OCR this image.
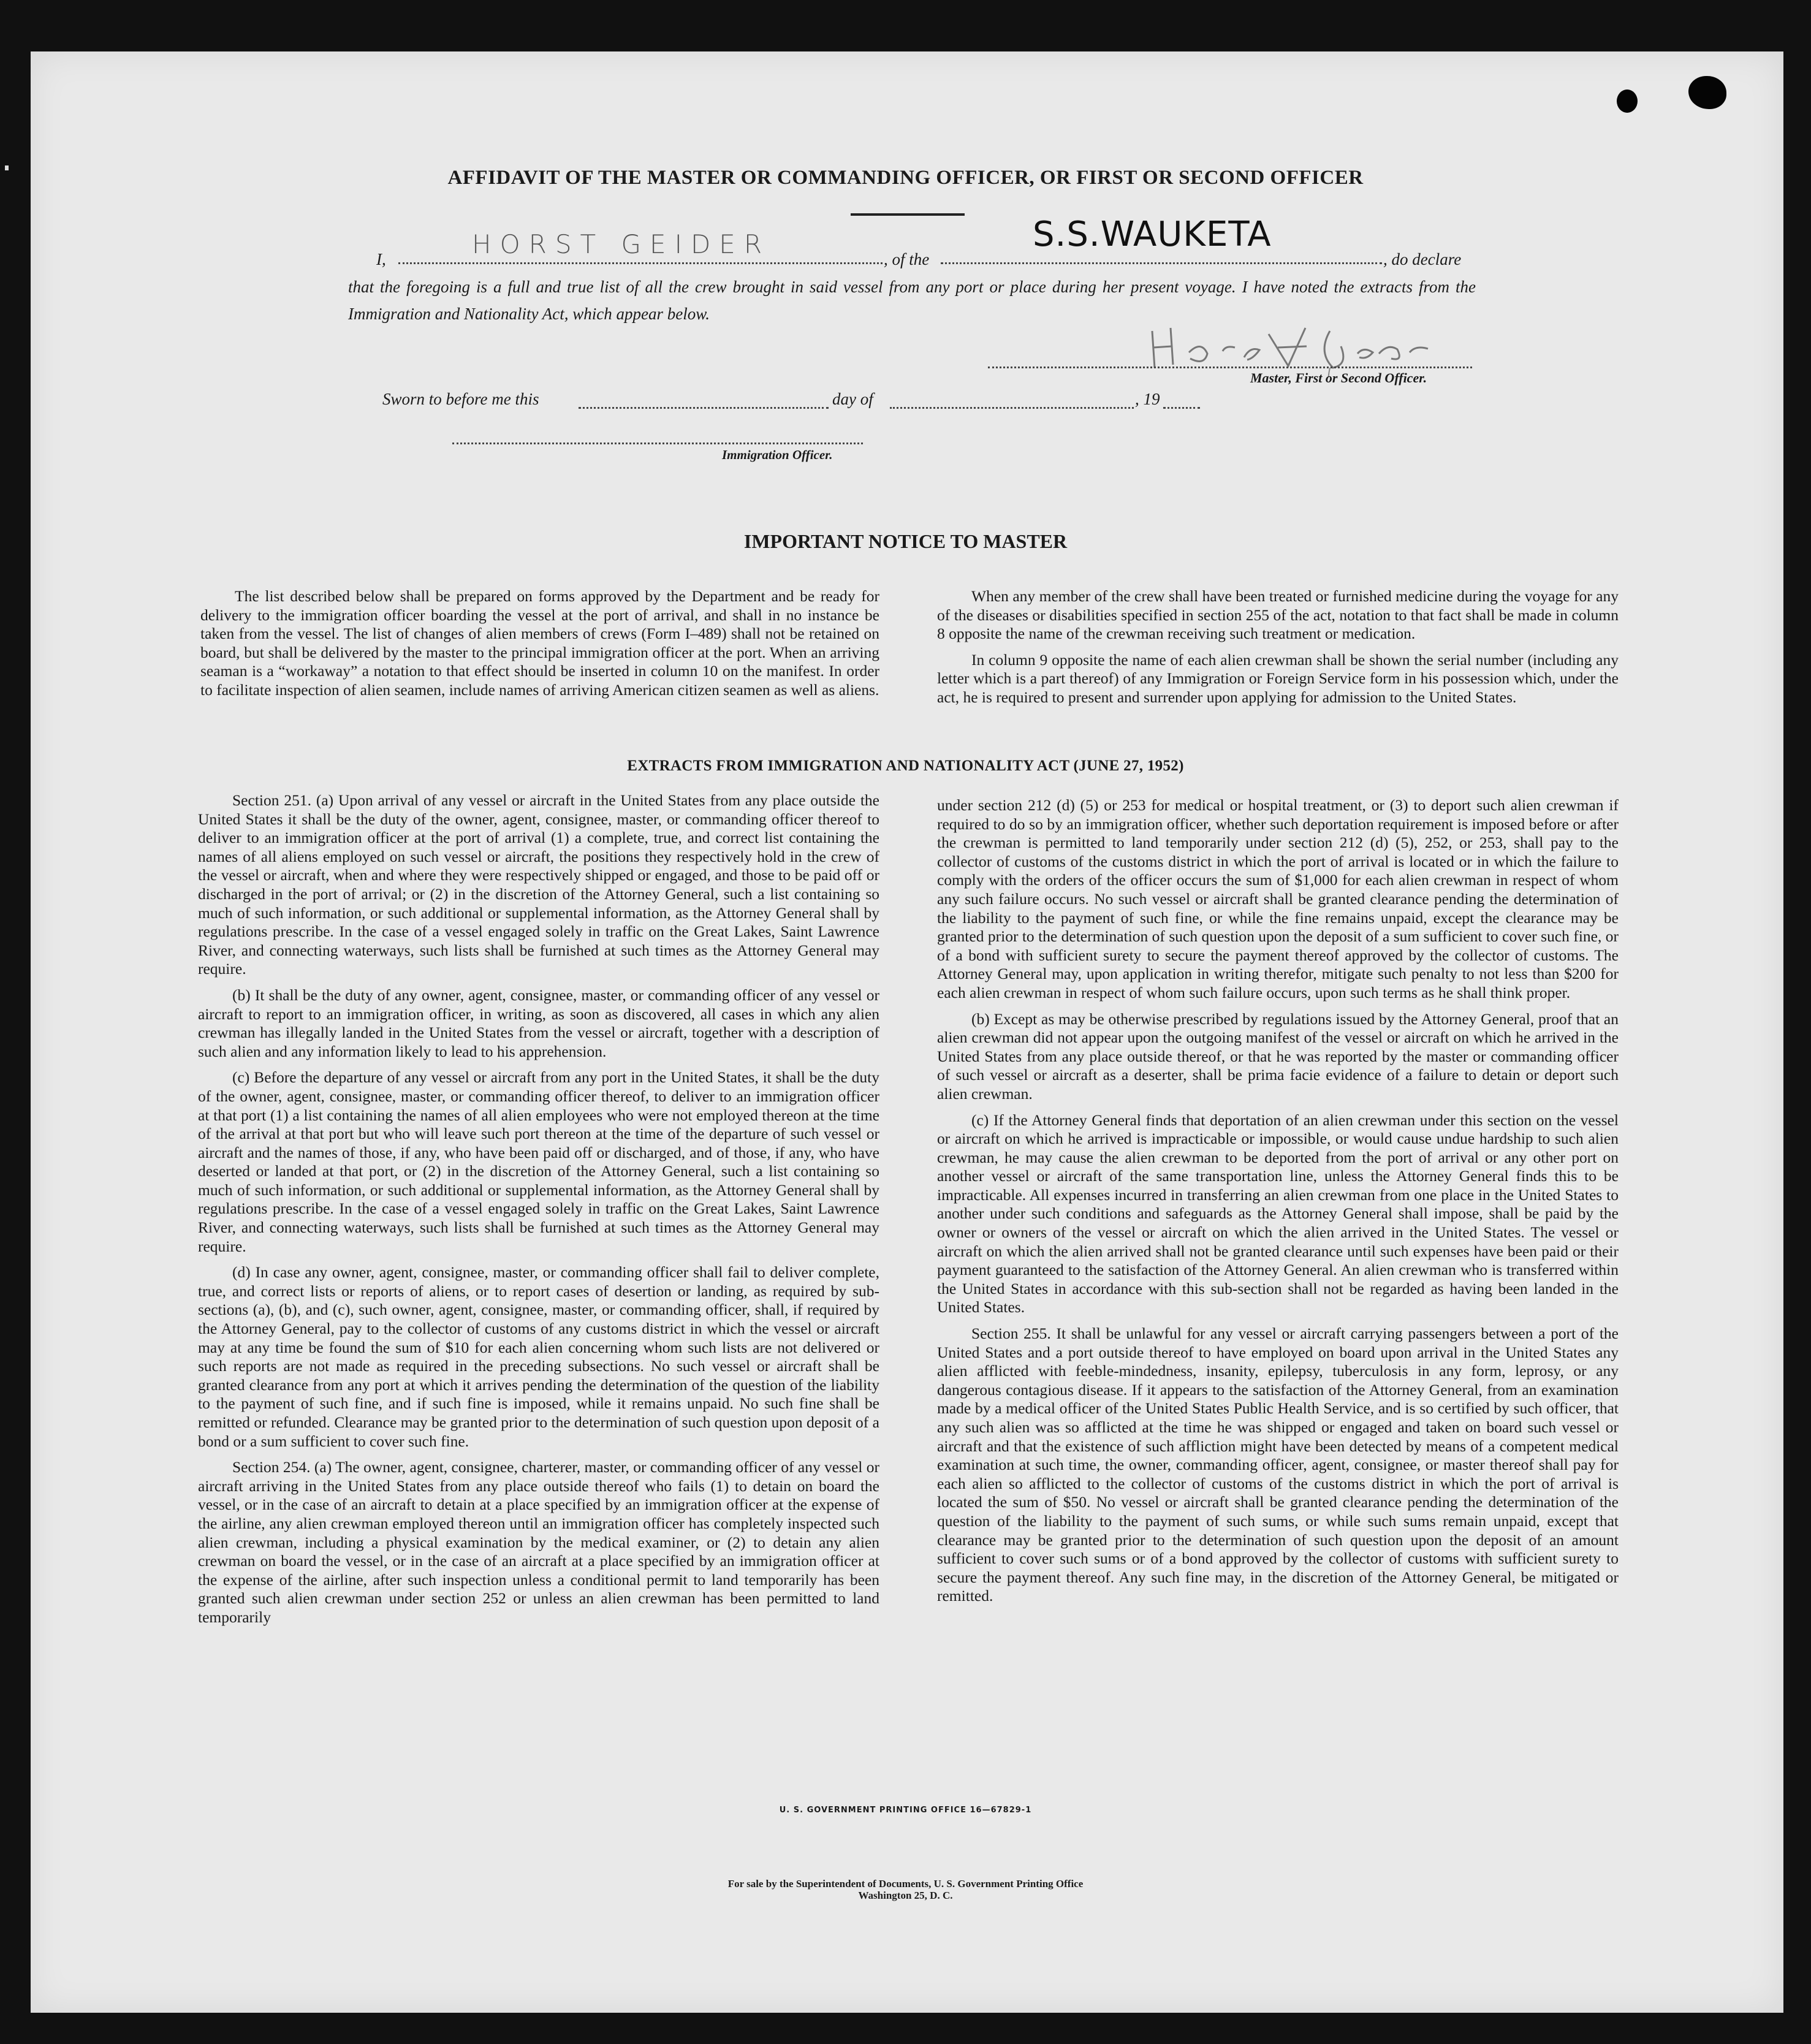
AFFIDAVIT OF THE MASTER OR COMMANDING OFFICER, OR FIRST OR SECOND OFFICER
I,	HORST GEIDER	, of the
S.S.WAUKETA
, do declare
that the foregoing is a full and true list of all the crew brought in said vessel from any port or place during her present voyage. I have noted the extracts from the Immigration and Nationality Act, which appear below.
Master, First or Second Officer.
Sworn to before me this	day of	, 19
Immigration Officer.
IMPORTANT NOTICE TO MASTER

The list described below shall be prepared on forms approved by the Department and be ready for delivery to the immigration officer boarding the vessel at the port of arrival, and shall in no instance be taken from the vessel. The list of changes of alien members of crews (Form I–489) shall not be retained on board, but shall be delivered by the master to the principal immigration officer at the port. When an arriving seaman is a “workaway” a notation to that effect should be inserted in column 10 on the manifest. In order to facilitate inspection of alien seamen, include names of arriving American citizen seamen as well as aliens.

When any member of the crew shall have been treated or furnished medicine during the voyage for any of the diseases or disabilities specified in section 255 of the act, notation to that fact shall be made in column 8 opposite the name of the crewman receiving such treatment or medication.

In column 9 opposite the name of each alien crewman shall be shown the serial number (including any letter which is a part thereof) of any Immigration or Foreign Service form in his possession which, under the act, he is required to present and surrender upon applying for admission to the United States.

EXTRACTS FROM IMMIGRATION AND NATIONALITY ACT (JUNE 27, 1952)

Section 251. (a) Upon arrival of any vessel or aircraft in the United States from any place outside the United States it shall be the duty of the owner, agent, consignee, master, or commanding officer thereof to deliver to an immigration officer at the port of arrival (1) a complete, true, and correct list containing the names of all aliens employed on such vessel or aircraft, the positions they respectively hold in the crew of the vessel or aircraft, when and where they were respectively shipped or engaged, and those to be paid off or discharged in the port of arrival; or (2) in the discretion of the Attorney General, such a list containing so much of such information, or such additional or supplemental information, as the Attorney General shall by regulations prescribe. In the case of a vessel engaged solely in traffic on the Great Lakes, Saint Lawrence River, and connecting waterways, such lists shall be furnished at such times as the Attorney General may require.

(b) It shall be the duty of any owner, agent, consignee, master, or commanding officer of any vessel or aircraft to report to an immigration officer, in writing, as soon as discovered, all cases in which any alien crewman has illegally landed in the United States from the vessel or aircraft, together with a description of such alien and any information likely to lead to his apprehension.

(c) Before the departure of any vessel or aircraft from any port in the United States, it shall be the duty of the owner, agent, consignee, master, or commanding officer thereof, to deliver to an immigration officer at that port (1) a list containing the names of all alien employees who were not employed thereon at the time of the arrival at that port but who will leave such port thereon at the time of the departure of such vessel or aircraft and the names of those, if any, who have been paid off or discharged, and of those, if any, who have deserted or landed at that port, or (2) in the discretion of the Attorney General, such a list containing so much of such information, or such additional or supplemental information, as the Attorney General shall by regulations prescribe. In the case of a vessel engaged solely in traffic on the Great Lakes, Saint Lawrence River, and connecting waterways, such lists shall be furnished at such times as the Attorney General may require.

(d) In case any owner, agent, consignee, master, or commanding officer shall fail to deliver complete, true, and correct lists or reports of aliens, or to report cases of desertion or landing, as required by sub-sections (a), (b), and (c), such owner, agent, consignee, master, or commanding officer, shall, if required by the Attorney General, pay to the collector of customs of any customs district in which the vessel or aircraft may at any time be found the sum of $10 for each alien concerning whom such lists are not delivered or such reports are not made as required in the preceding subsections. No such vessel or aircraft shall be granted clearance from any port at which it arrives pending the determination of the question of the liability to the payment of such fine, and if such fine is imposed, while it remains unpaid. No such fine shall be remitted or refunded. Clearance may be granted prior to the determination of such question upon deposit of a bond or a sum sufficient to cover such fine.

Section 254. (a) The owner, agent, consignee, charterer, master, or commanding officer of any vessel or aircraft arriving in the United States from any place outside thereof who fails (1) to detain on board the vessel, or in the case of an aircraft to detain at a place specified by an immigration officer at the expense of the airline, any alien crewman employed thereon until an immigration officer has completely inspected such alien crewman, including a physical examination by the medical examiner, or (2) to detain any alien crewman on board the vessel, or in the case of an aircraft at a place specified by an immigration officer at the expense of the airline, after such inspection unless a conditional permit to land temporarily has been granted such alien crewman under section 252 or unless an alien crewman has been permitted to land temporarily

under section 212 (d) (5) or 253 for medical or hospital treatment, or (3) to deport such alien crewman if required to do so by an immigration officer, whether such deportation requirement is imposed before or after the crewman is permitted to land temporarily under section 212 (d) (5), 252, or 253, shall pay to the collector of customs of the customs district in which the port of arrival is located or in which the failure to comply with the orders of the officer occurs the sum of $1,000 for each alien crewman in respect of whom any such failure occurs. No such vessel or aircraft shall be granted clearance pending the determination of the liability to the payment of such fine, or while the fine remains unpaid, except the clearance may be granted prior to the determination of such question upon the deposit of a sum sufficient to cover such fine, or of a bond with sufficient surety to secure the payment thereof approved by the collector of customs. The Attorney General may, upon application in writing therefor, mitigate such penalty to not less than $200 for each alien crewman in respect of whom such failure occurs, upon such terms as he shall think proper.

(b) Except as may be otherwise prescribed by regulations issued by the Attorney General, proof that an alien crewman did not appear upon the outgoing manifest of the vessel or aircraft on which he arrived in the United States from any place outside thereof, or that he was reported by the master or commanding officer of such vessel or aircraft as a deserter, shall be prima facie evidence of a failure to detain or deport such alien crewman.

(c) If the Attorney General finds that deportation of an alien crewman under this section on the vessel or aircraft on which he arrived is impracticable or impossible, or would cause undue hardship to such alien crewman, he may cause the alien crewman to be deported from the port of arrival or any other port on another vessel or aircraft of the same transportation line, unless the Attorney General finds this to be impracticable. All expenses incurred in transferring an alien crewman from one place in the United States to another under such conditions and safeguards as the Attorney General shall impose, shall be paid by the owner or owners of the vessel or aircraft on which the alien arrived in the United States. The vessel or aircraft on which the alien arrived shall not be granted clearance until such expenses have been paid or their payment guaranteed to the satisfaction of the Attorney General. An alien crewman who is transferred within the United States in accordance with this sub-section shall not be regarded as having been landed in the United States.

Section 255. It shall be unlawful for any vessel or aircraft carrying passengers between a port of the United States and a port outside thereof to have employed on board upon arrival in the United States any alien afflicted with feeble-mindedness, insanity, epilepsy, tuberculosis in any form, leprosy, or any dangerous contagious disease. If it appears to the satisfaction of the Attorney General, from an examination made by a medical officer of the United States Public Health Service, and is so certified by such officer, that any such alien was so afflicted at the time he was shipped or engaged and taken on board such vessel or aircraft and that the existence of such affliction might have been detected by means of a competent medical examination at such time, the owner, commanding officer, agent, consignee, or master thereof shall pay for each alien so afflicted to the collector of customs of the customs district in which the port of arrival is located the sum of $50. No vessel or aircraft shall be granted clearance pending the determination of the question of the liability to the payment of such sums, or while such sums remain unpaid, except that clearance may be granted prior to the determination of such question upon the deposit of an amount sufficient to cover such sums or of a bond approved by the collector of customs with sufficient surety to secure the payment thereof. Any such fine may, in the discretion of the Attorney General, be mitigated or remitted.

U. S. GOVERNMENT PRINTING OFFICE 16—67829-1
For sale by the Superintendent of Documents, U. S. Government Printing Office
Washington 25, D. C.
